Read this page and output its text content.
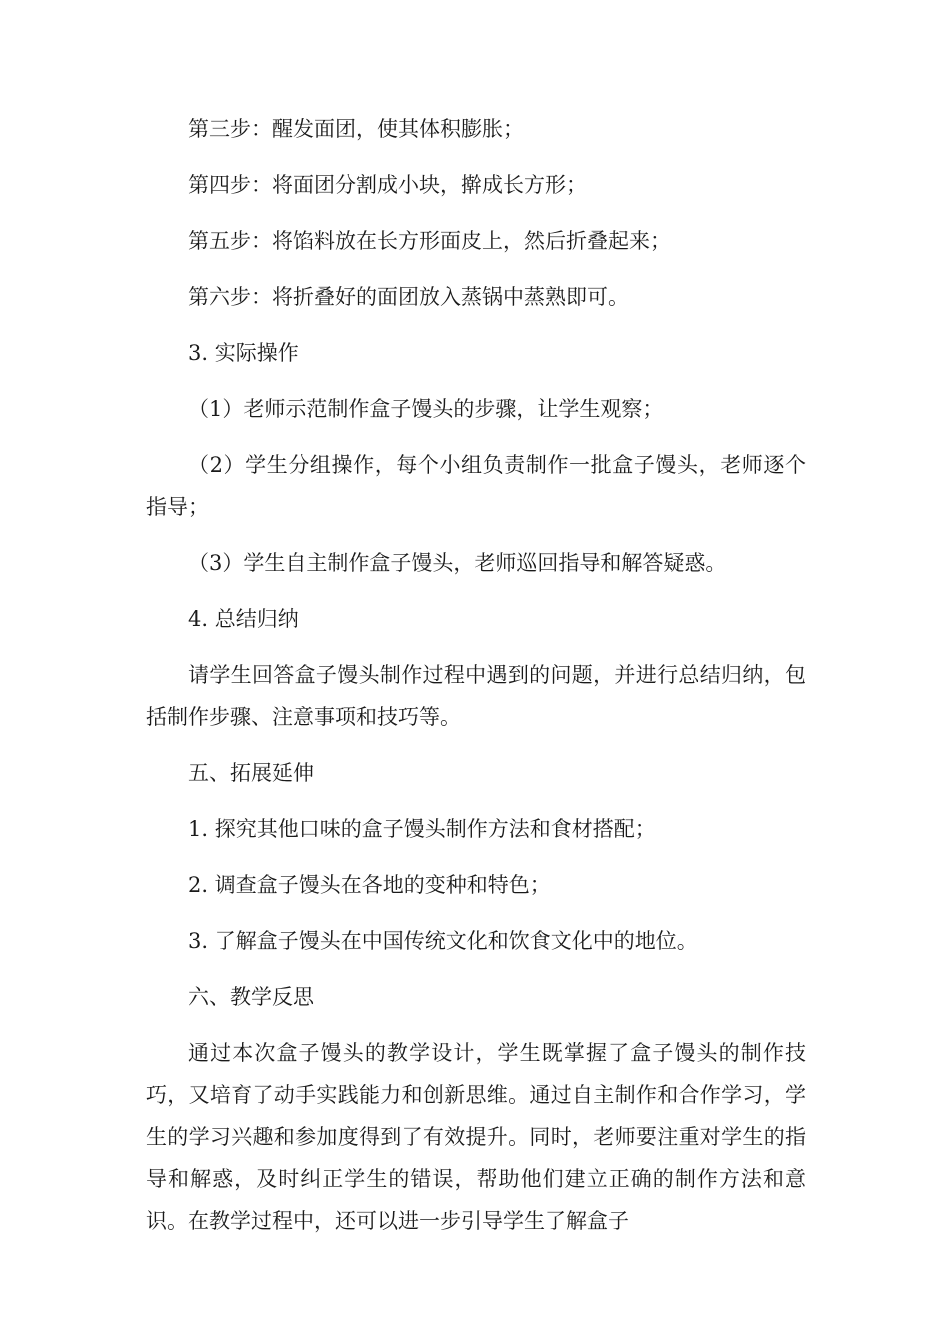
第三步：醒发面团，使其体积膨胀；

第四步：将面团分割成小块，擀成长方形；

第五步：将馅料放在长方形面皮上，然后折叠起来；

第六步：将折叠好的面团放入蒸锅中蒸熟即可。

3. 实际操作

（1）老师示范制作盒子馒头的步骤，让学生观察；

（2）学生分组操作，每个小组负责制作一批盒子馒头，老师逐个指导；

（3）学生自主制作盒子馒头，老师巡回指导和解答疑惑。

4. 总结归纳

请学生回答盒子馒头制作过程中遇到的问题，并进行总结归纳，包括制作步骤、注意事项和技巧等。

五、拓展延伸

1. 探究其他口味的盒子馒头制作方法和食材搭配；

2. 调查盒子馒头在各地的变种和特色；

3. 了解盒子馒头在中国传统文化和饮食文化中的地位。

六、教学反思

通过本次盒子馒头的教学设计，学生既掌握了盒子馒头的制作技巧，又培育了动手实践能力和创新思维。通过自主制作和合作学习，学生的学习兴趣和参加度得到了有效提升。同时，老师要注重对学生的指导和解惑，及时纠正学生的错误，帮助他们建立正确的制作方法和意识。在教学过程中，还可以进一步引导学生了解盒子
